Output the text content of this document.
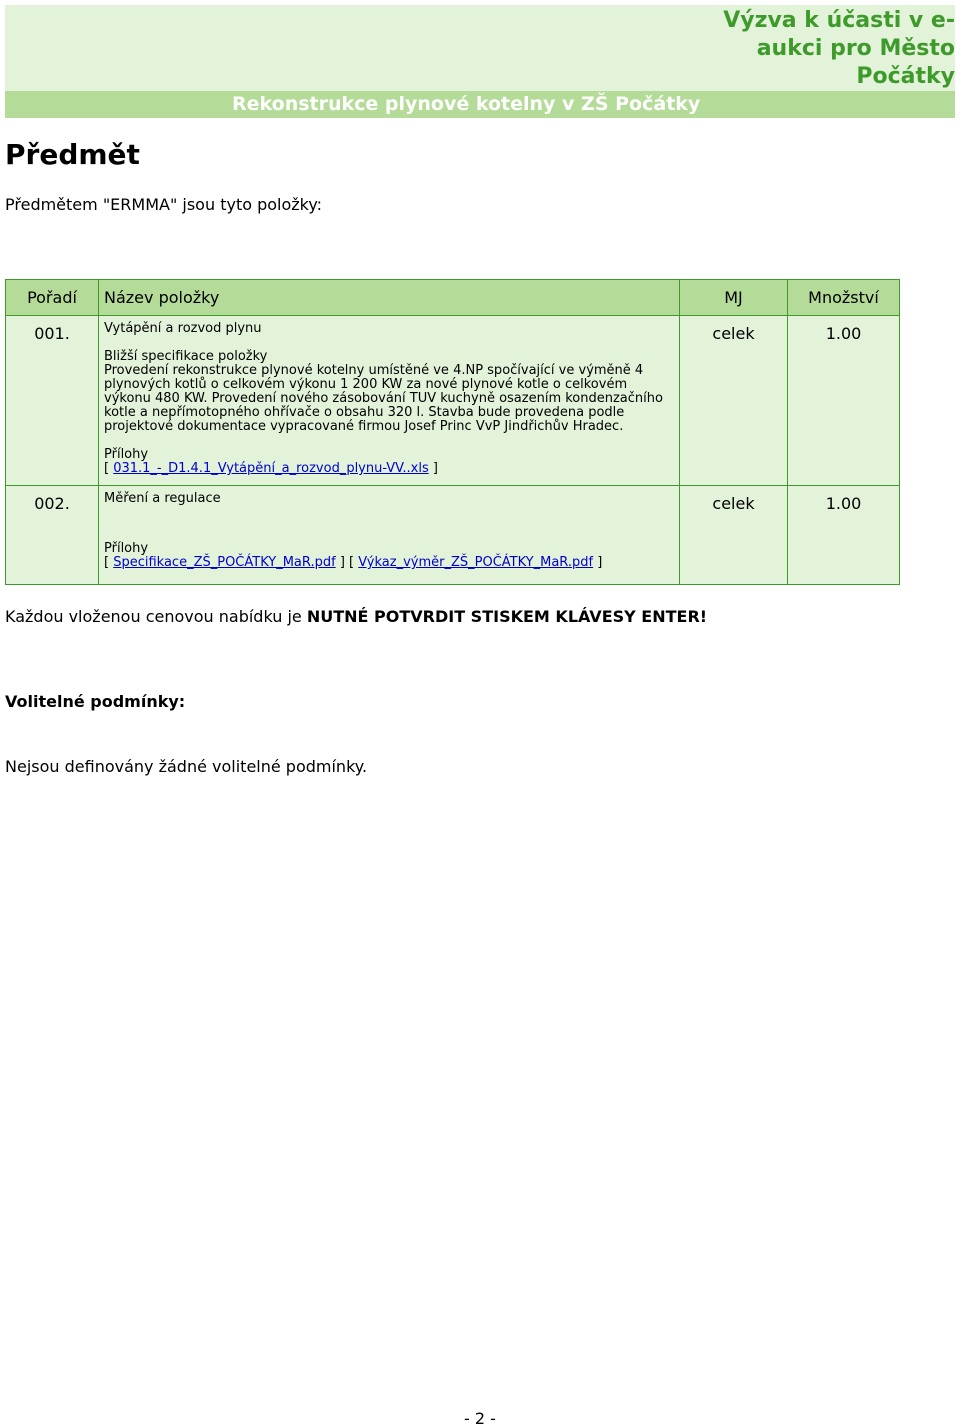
Výzva k účasti v e-aukci pro Město Počátky
Rekonstrukce plynové kotelny v ZŠ Počátky
Předmět
Předmětem "ERMMA" jsou tyto položky:
Pořadí	Název položky	MJ	Množství
001.	Vytápění a rozvod plynu

Bližší specifikace položky

Provedení rekonstrukce plynové kotelny umístěné ve 4.NP spočívající ve výměně 4 plynových kotlů o celkovém výkonu 1 200 KW za nové plynové kotle o celkovém výkonu 480 KW. Provedení nového zásobování TUV kuchyně osazením kondenzačního kotle a nepřímotopného ohřívače o obsahu 320 l. Stavba bude provedena podle projektové dokumentace vypracované firmou Josef Princ VvP Jindřichův Hradec.

Přílohy

[ 031.1_-_D1.4.1_Vytápění_a_rozvod_plynu-VV..xls ]	celek	1.00
002.	Měření a regulace

Přílohy

[ Specifikace_ZŠ_POČÁTKY_MaR.pdf ] [ Výkaz_výměr_ZŠ_POČÁTKY_MaR.pdf ]	celek	1.00
Každou vloženou cenovou nabídku je NUTNÉ POTVRDIT STISKEM KLÁVESY ENTER!
Volitelné podmínky:
Nejsou definovány žádné volitelné podmínky.
- 2 -
